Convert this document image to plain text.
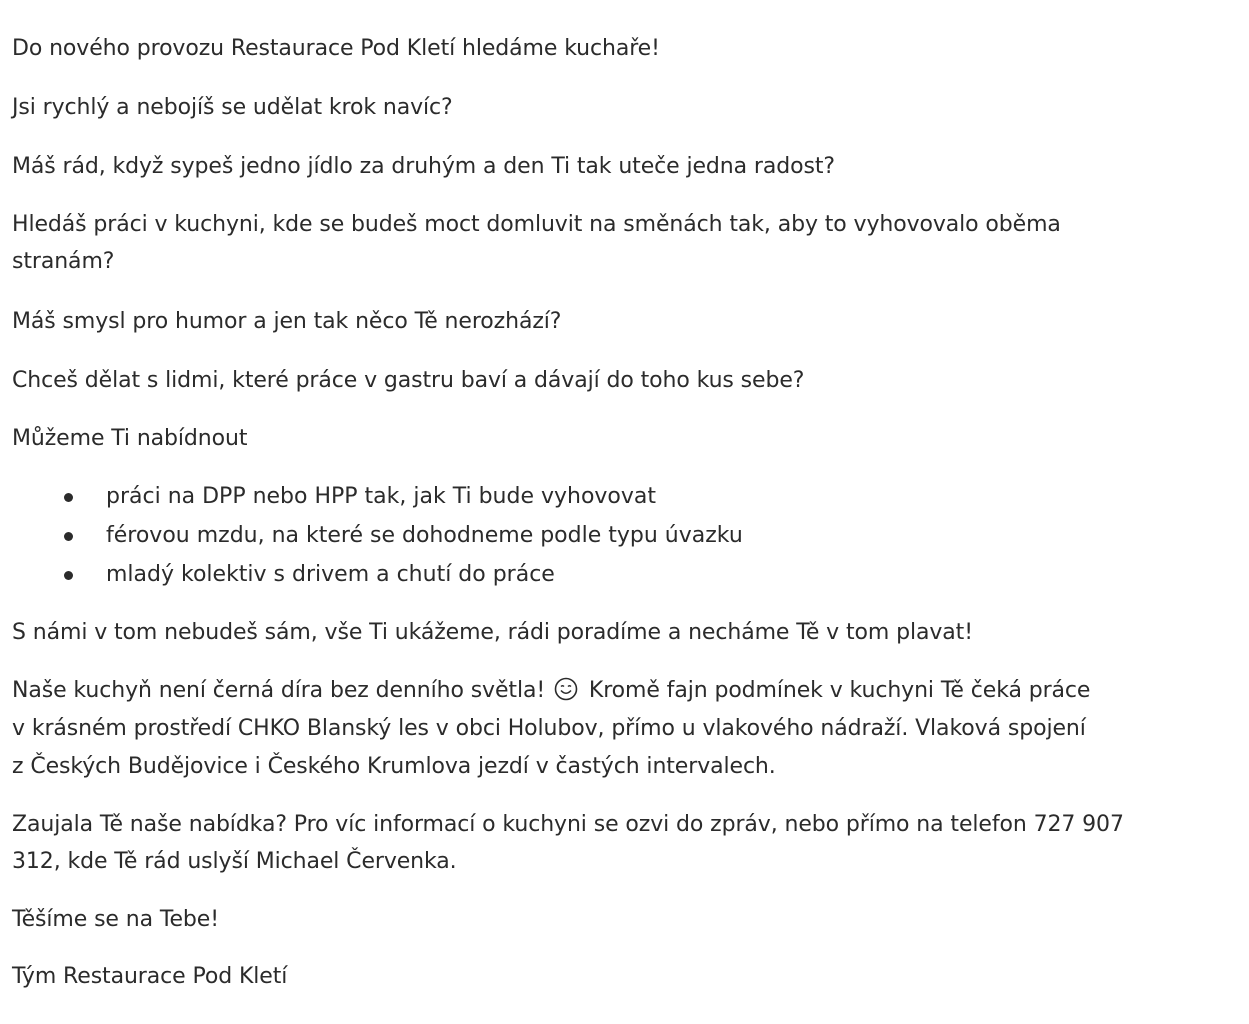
Do nového provozu Restaurace Pod Kletí hledáme kuchaře!
Jsi rychlý a nebojíš se udělat krok navíc?
Máš rád, když sypeš jedno jídlo za druhým a den Ti tak uteče jedna radost?
Hledáš práci v kuchyni, kde se budeš moct domluvit na směnách tak, aby to vyhovovalo oběma
stranám?
Máš smysl pro humor a jen tak něco Tě nerozhází?
Chceš dělat s lidmi, které práce v gastru baví a dávají do toho kus sebe?
Můžeme Ti nabídnout
práci na DPP nebo HPP tak, jak Ti bude vyhovovat
férovou mzdu, na které se dohodneme podle typu úvazku
mladý kolektiv s drivem a chutí do práce
S námi v tom nebudeš sám, vše Ti ukážeme, rádi poradíme a necháme Tě v tom plavat!
Naše kuchyň není černá díra bez denního světla! Kromě fajn podmínek v kuchyni Tě čeká práce
v krásném prostředí CHKO Blanský les v obci Holubov, přímo u vlakového nádraží. Vlaková spojení
z Českých Budějovice i Českého Krumlova jezdí v častých intervalech.
Zaujala Tě naše nabídka? Pro víc informací o kuchyni se ozvi do zpráv, nebo přímo na telefon 727 907
312, kde Tě rád uslyší Michael Červenka.
Těšíme se na Tebe!
Tým Restaurace Pod Kletí
